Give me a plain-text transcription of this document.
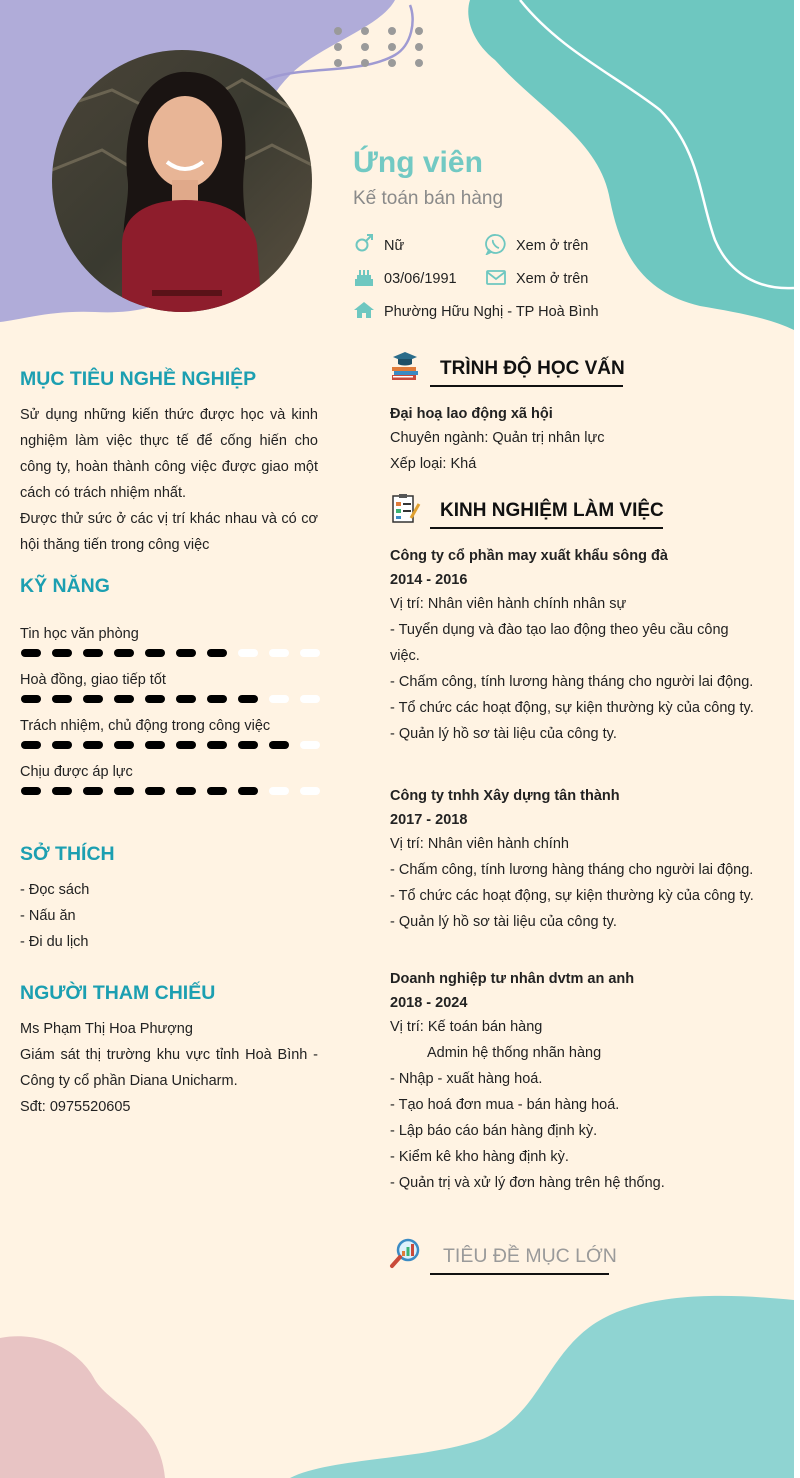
Ứng viên
Kế toán bán hàng
Nữ	Xem ở trên
03/06/1991	Xem ở trên
Phường Hữu Nghị - TP Hoà Bình
MỤC TIÊU NGHỀ NGHIỆP
Sử dụng những kiến thức được học và kinh
nghiệm làm việc thực tế để cống hiến cho
công ty, hoàn thành công việc được giao một
cách có trách nhiệm nhất.
Được thử sức ở các vị trí khác nhau và có cơ
hội thăng tiến trong công việc
KỸ NĂNG
Tin học văn phòng
Hoà đồng, giao tiếp tốt
Trách nhiệm, chủ động trong công việc
Chịu được áp lực
SỞ THÍCH
- Đọc sách
- Nấu ăn
- Đi du lịch
NGƯỜI THAM CHIẾU
Ms Phạm Thị Hoa Phượng
Giám sát thị trường khu vực tỉnh Hoà Bình -
Công ty cổ phần Diana Unicharm.
Sđt: 0975520605
TRÌNH ĐỘ HỌC VẤN
Đại hoạ lao động xã hội
Chuyên ngành: Quản trị nhân lực
Xếp loại: Khá
KINH NGHIỆM LÀM VIỆC
Công ty cổ phần may xuất khẩu sông đà
2014 - 2016
Vị trí: Nhân viên hành chính nhân sự
- Tuyển dụng và đào tạo lao động theo yêu cầu công
việc.
- Chấm công, tính lương hàng tháng cho người lai động.
- Tổ chức các hoạt động, sự kiện thường kỳ của công ty.
- Quản lý hồ sơ tài liệu của công ty.
Công ty tnhh Xây dựng tân thành
2017 - 2018
Vị trí: Nhân viên hành chính
- Chấm công, tính lương hàng tháng cho người lai động.
- Tổ chức các hoạt động, sự kiện thường kỳ của công ty.
- Quản lý hồ sơ tài liệu của công ty.
Doanh nghiệp tư nhân dvtm an anh
2018 - 2024
Vị trí: Kế toán bán hàng
Admin hệ thống nhãn hàng
- Nhập - xuất hàng hoá.
- Tạo hoá đơn mua - bán hàng hoá.
- Lập báo cáo bán hàng định kỳ.
- Kiểm kê kho hàng định kỳ.
- Quản trị và xử lý đơn hàng trên hệ thống.
TIÊU ĐỀ MỤC LỚN
